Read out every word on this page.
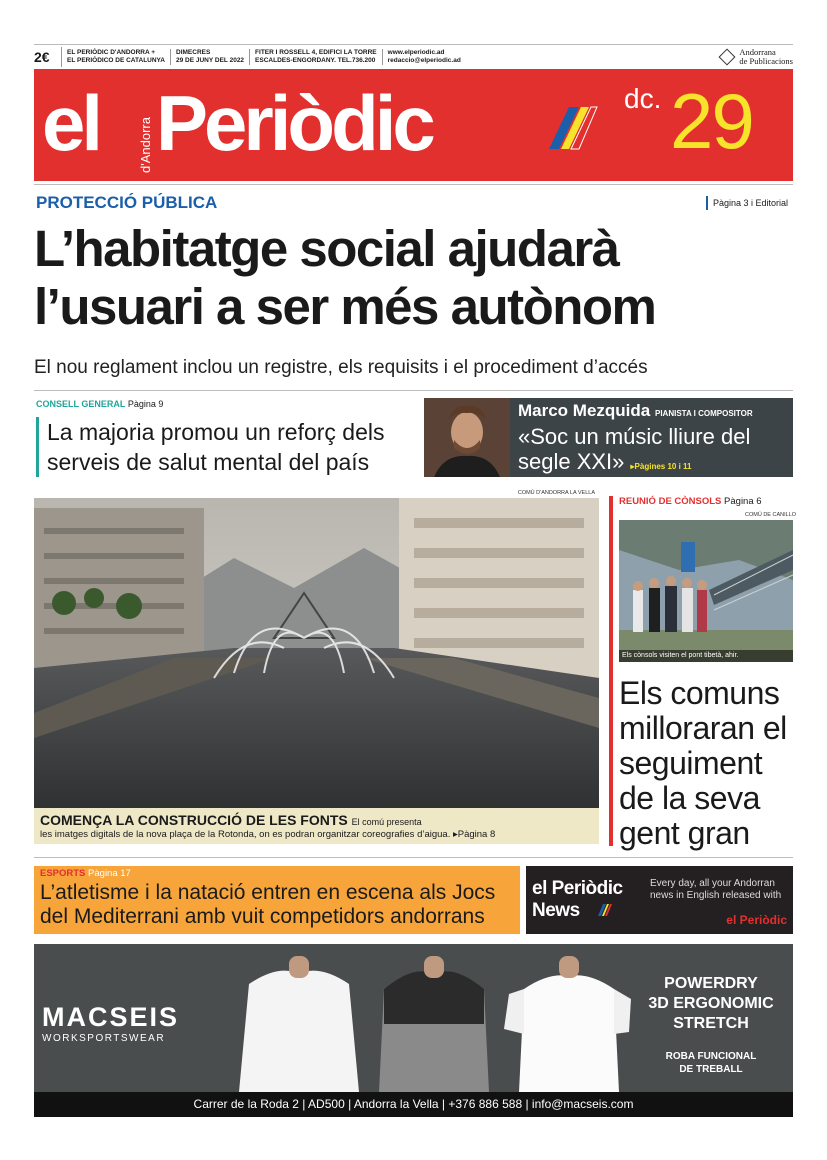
2€	EL PERIÒDIC D'ANDORRA +
EL PERIÓDICO DE CATALUNYA
DIMECRES
29 DE JUNY DEL 2022
FITER I ROSSELL 4, EDIFICI LA TORRE
ESCALDES-ENGORDANY. TEL.736.200
www.elperiodic.ad
redaccio@elperiodic.ad
Andorrana
de Publicacions
el	d'Andorra Periòdic	dc. 29
PROTECCIÓ PÚBLICA	Pàgina 3 i Editorial
L’habitatge social ajudarà
l’usuari a ser més autònom
El nou reglament inclou un registre, els requisits i el procediment d’accés
CONSELL GENERAL Pàgina 9
La majoria promou un reforç dels serveis de salut mental del país
Marco Mezquida PIANISTA I COMPOSITOR
«Soc un músic lliure del segle XXI» ▸Pàgines 10 i 11
COMÚ D'ANDORRA LA VELLA
COMENÇA LA CONSTRUCCIÓ DE LES FONTS El comú presenta
les imatges digitals de la nova plaça de la Rotonda, on es podran organitzar coreografies d’aigua. ▸Pàgina 8
REUNIÓ DE CÒNSOLS Pàgina 6
COMÚ DE CANILLO
Els cònsols visiten el pont tibetà, ahir.
Els comuns milloraran el seguiment de la seva gent gran
ESPORTS Pàgina 17
L’atletisme i la natació entren en escena als Jocs del Mediterrani amb vuit competidors andorrans
el Periòdic
News
Every day, all your Andorran news in English released with
el Periòdic
MACSEIS
WORKSPORTSWEAR
POWERDRY
3D ERGONOMIC
STRETCH
ROBA FUNCIONAL
DE TREBALL
Carrer de la Roda 2 | AD500 | Andorra la Vella | +376 886 588 | info@macseis.com
